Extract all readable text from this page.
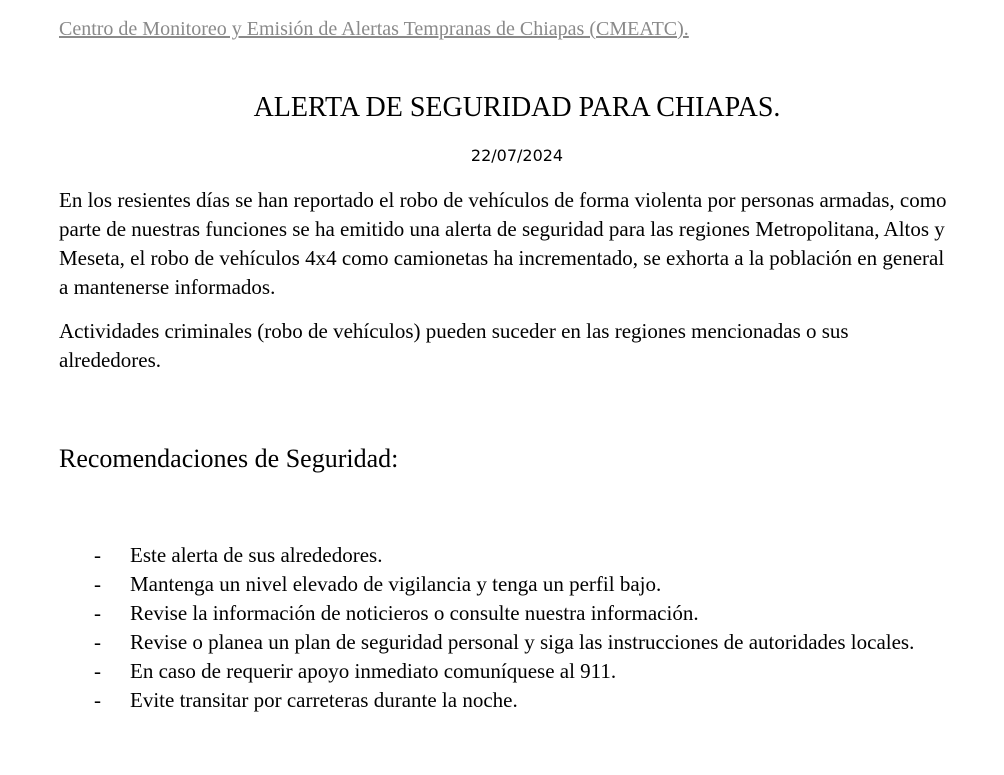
Centro de Monitoreo y Emisión de Alertas Tempranas de Chiapas (CMEATC).
ALERTA DE SEGURIDAD PARA CHIAPAS.
22/07/2024

En los resientes días se han reportado el robo de vehículos de forma violenta por personas armadas, como parte de nuestras funciones se ha emitido una alerta de seguridad para las regiones Metropolitana, Altos y Meseta, el robo de vehículos 4x4 como camionetas ha incrementado, se exhorta a la población en general a mantenerse informados.

Actividades criminales (robo de vehículos) pueden suceder en las regiones mencionadas o sus alrededores.

Recomendaciones de Seguridad:
- Este alerta de sus alrededores.
- Mantenga un nivel elevado de vigilancia y tenga un perfil bajo.
- Revise la información de noticieros o consulte nuestra información.
- Revise o planea un plan de seguridad personal y siga las instrucciones de autoridades locales.
- En caso de requerir apoyo inmediato comuníquese al 911.
- Evite transitar por carreteras durante la noche.
